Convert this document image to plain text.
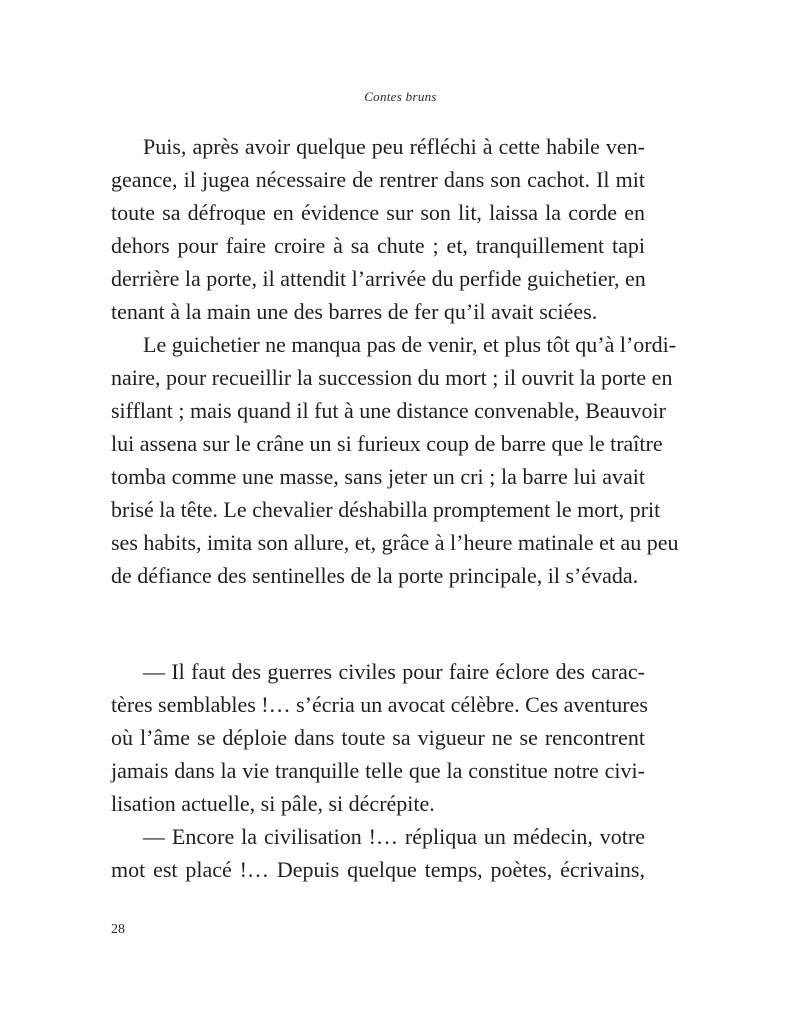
Contes bruns
Puis, après avoir quelque peu réfléchi à cette habile ven-
geance, il jugea nécessaire de rentrer dans son cachot. Il mit
toute sa défroque en évidence sur son lit, laissa la corde en
dehors pour faire croire à sa chute ; et, tranquillement tapi
derrière la porte, il attendit l’arrivée du perfide guichetier, en
tenant à la main une des barres de fer qu’il avait sciées.
Le guichetier ne manqua pas de venir, et plus tôt qu’à l’ordi-
naire, pour recueillir la succession du mort ; il ouvrit la porte en
sifflant ; mais quand il fut à une distance convenable, Beauvoir
lui assena sur le crâne un si furieux coup de barre que le traître
tomba comme une masse, sans jeter un cri ; la barre lui avait
brisé la tête. Le chevalier déshabilla promptement le mort, prit
ses habits, imita son allure, et, grâce à l’heure matinale et au peu
de défiance des sentinelles de la porte principale, il s’évada.
— Il faut des guerres civiles pour faire éclore des carac-
tères semblables !… s’écria un avocat célèbre. Ces aventures
où l’âme se déploie dans toute sa vigueur ne se rencontrent
jamais dans la vie tranquille telle que la constitue notre civi-
lisation actuelle, si pâle, si décrépite.
— Encore la civilisation !… répliqua un médecin, votre
mot est placé !… Depuis quelque temps, poètes, écrivains,
28
